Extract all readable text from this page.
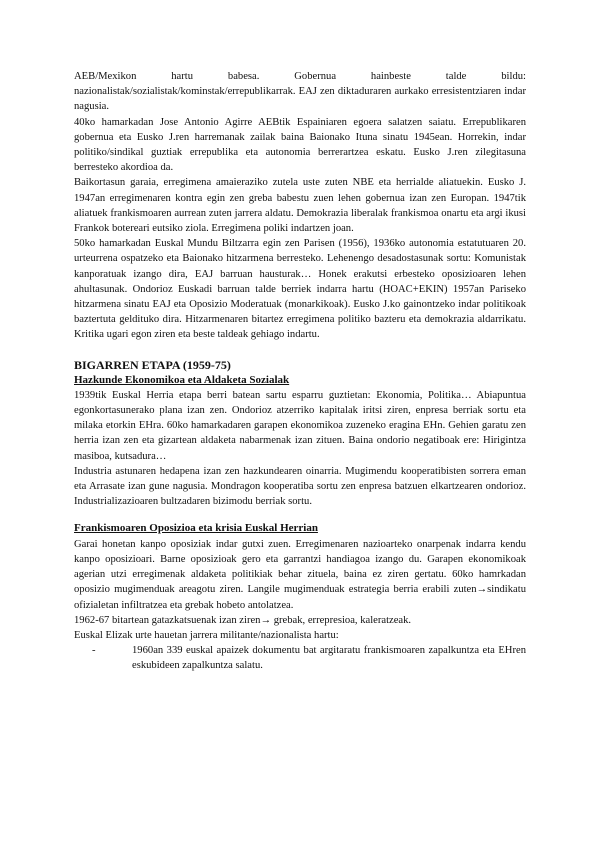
AEB/Mexikon hartu babesa. Gobernua hainbeste talde bildu: nazionalistak/sozialistak/kominstak/errepublikarrak. EAJ zen diktaduraren aurkako erresistentziaren indar nagusia.

40ko hamarkadan Jose Antonio Agirre AEBtik Espainiaren egoera salatzen saiatu. Errepublikaren gobernua eta Eusko J.ren harremanak zailak baina Baionako Ituna sinatu 1945ean. Horrekin, indar politiko/sindikal guztiak errepublika eta autonomia berrerartzea eskatu. Eusko J.ren zilegitasuna berresteko akordioa da.

Baikortasun garaia, erregimena amaieraziko zutela uste zuten NBE eta herrialde aliatuekin. Eusko J. 1947an erregimenaren kontra egin zen greba babestu zuen lehen gobernua izan zen Europan. 1947tik aliatuek frankismoaren aurrean zuten jarrera aldatu. Demokrazia liberalak frankismoa onartu eta argi ikusi Frankok botereari eutsiko ziola. Erregimena poliki indartzen joan.

50ko hamarkadan Euskal Mundu Biltzarra egin zen Parisen (1956), 1936ko autonomia estatutuaren 20. urteurrena ospatzeko eta Baionako hitzarmena berresteko. Lehenengo desadostasunak sortu: Komunistak kanporatuak izango dira, EAJ barruan hausturak… Honek erakutsi erbesteko oposizioaren lehen ahultasunak. Ondorioz Euskadi barruan talde berriek indarra hartu (HOAC+EKIN) 1957an Pariseko hitzarmena sinatu EAJ eta Oposizio Moderatuak (monarkikoak). Eusko J.ko gainontzeko indar politikoak baztertuta geldituko dira. Hitzarmenaren bitartez erregimena politiko bazteru eta demokrazia aldarrikatu. Kritika ugari egon ziren eta beste taldeak gehiago indartu.

BIGARREN ETAPA (1959-75)
Hazkunde Ekonomikoa eta Aldaketa Sozialak

1939tik Euskal Herria etapa berri batean sartu esparru guztietan: Ekonomia, Politika… Abiapuntua egonkortasunerako plana izan zen. Ondorioz atzerriko kapitalak iritsi ziren, enpresa berriak sortu eta milaka etorkin EHra. 60ko hamarkadaren garapen ekonomikoa zuzeneko eragina EHn. Gehien garatu zen herria izan zen eta gizartean aldaketa nabarmenak izan zituen. Baina ondorio negatiboak ere: Hirigintza masiboa, kutsadura…

Industria astunaren hedapena izan zen hazkundearen oinarria. Mugimendu kooperatibisten sorrera eman eta Arrasate izan gune nagusia. Mondragon kooperatiba sortu zen enpresa batzuen elkartzearen ondorioz. Industrializazioaren bultzadaren bizimodu berriak sortu.

Frankismoaren Oposizioa eta krisia Euskal Herrian

Garai honetan kanpo oposiziak indar gutxi zuen. Erregimenaren nazioarteko onarpenak indarra kendu kanpo oposizioari. Barne oposizioak gero eta garrantzi handiagoa izango du. Garapen ekonomikoak agerian utzi erregimenak aldaketa politikiak behar zituela, baina ez ziren gertatu. 60ko hamrkadan oposizio mugimenduak areagotu ziren. Langile mugimenduak estrategia berria erabili zuten→sindikatu ofizialetan infiltratzea eta grebak hobeto antolatzea.

1962-67 bitartean gatazkatsuenak izan ziren→ grebak, errepresioa, kaleratzeak.

Euskal Elizak urte hauetan jarrera militante/nazionalista hartu:

-	1960an 339 euskal apaizek dokumentu bat argitaratu frankismoaren zapalkuntza eta EHren eskubideen zapalkuntza salatu.
